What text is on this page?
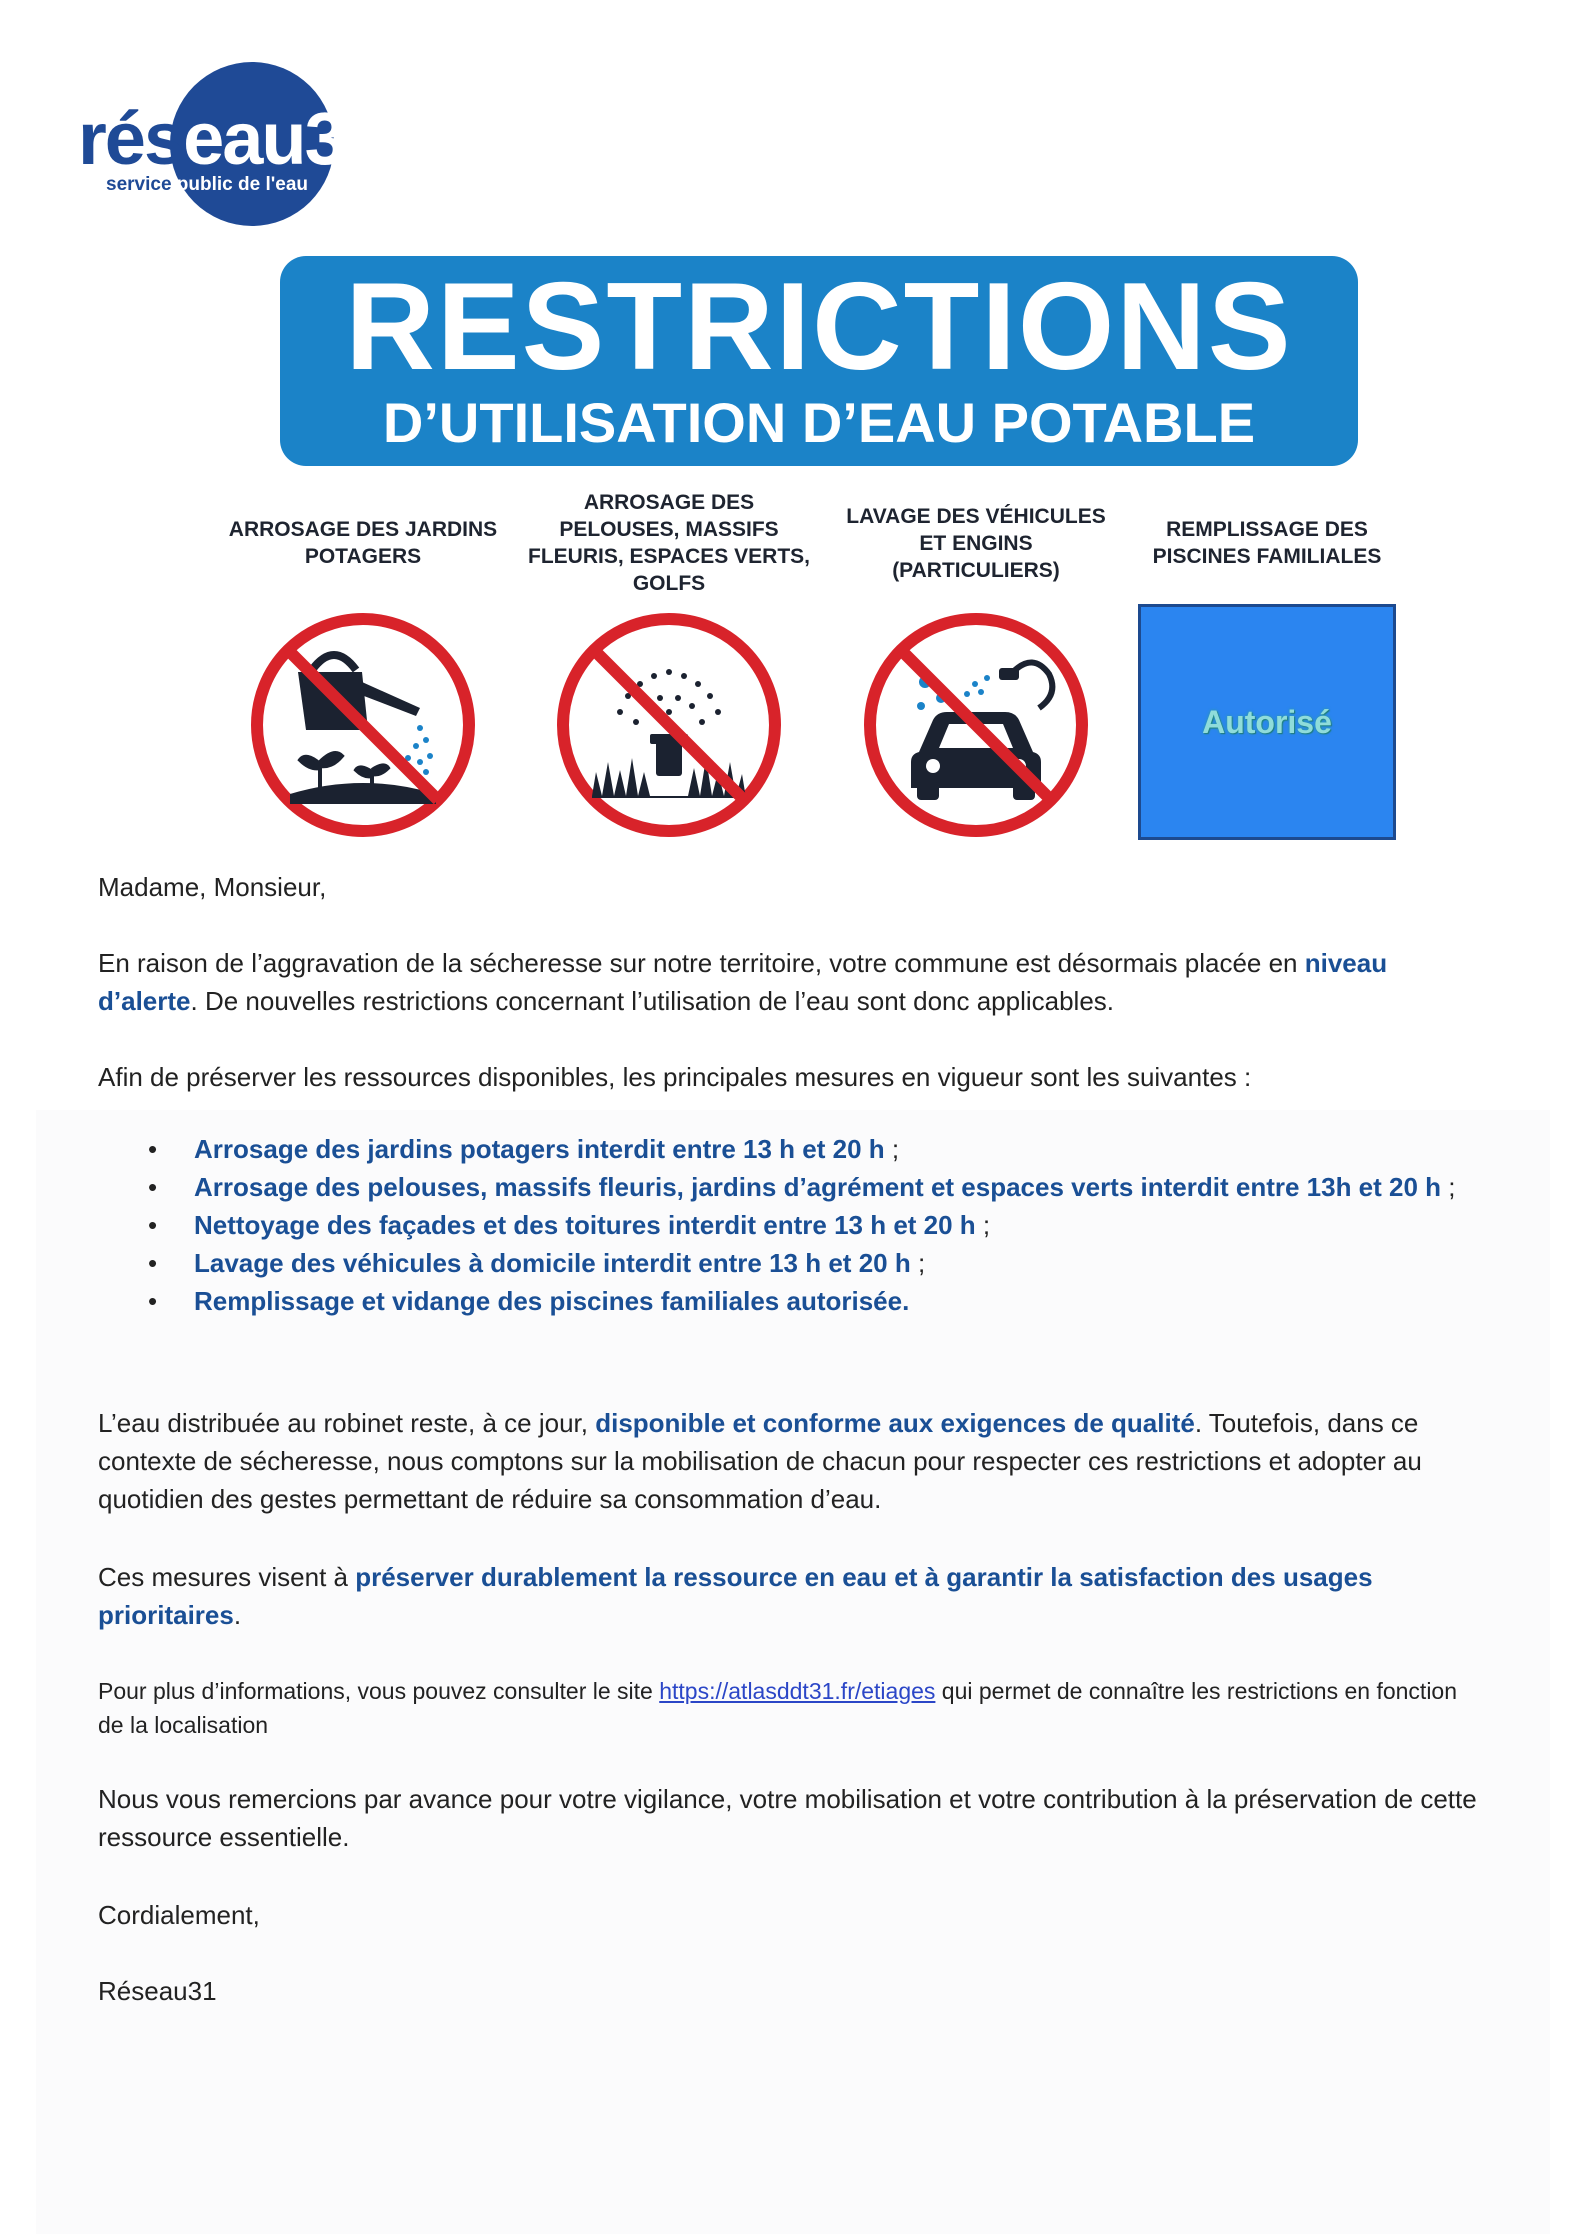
réseau31
service public de l'eau
RESTRICTIONS
D’UTILISATION D’EAU POTABLE
ARROSAGE DES JARDINS POTAGERS
ARROSAGE DES PELOUSES, MASSIFS FLEURIS, ESPACES VERTS, GOLFS
LAVAGE DES VÉHICULES ET ENGINS (PARTICULIERS)
REMPLISSAGE DES PISCINES FAMILIALES
Autorisé
Madame, Monsieur,
En raison de l’aggravation de la sécheresse sur notre territoire, votre commune est désormais placée en niveau d’alerte. De nouvelles restrictions concernant l’utilisation de l’eau sont donc applicables.
Afin de préserver les ressources disponibles, les principales mesures en vigueur sont les suivantes :
• Arrosage des jardins potagers interdit entre 13 h et 20 h ;
• Arrosage des pelouses, massifs fleuris, jardins d’agrément et espaces verts interdit entre 13h et 20 h ;
• Nettoyage des façades et des toitures interdit entre 13 h et 20 h ;
• Lavage des véhicules à domicile interdit entre 13 h et 20 h ;
• Remplissage et vidange des piscines familiales autorisée.
L’eau distribuée au robinet reste, à ce jour, disponible et conforme aux exigences de qualité. Toutefois, dans ce contexte de sécheresse, nous comptons sur la mobilisation de chacun pour respecter ces restrictions et adopter au quotidien des gestes permettant de réduire sa consommation d’eau.
Ces mesures visent à préserver durablement la ressource en eau et à garantir la satisfaction des usages prioritaires.
Pour plus d’informations, vous pouvez consulter le site https://atlasddt31.fr/etiages qui permet de connaître les restrictions en fonction de la localisation
Nous vous remercions par avance pour votre vigilance, votre mobilisation et votre contribution à la préservation de cette ressource essentielle.
Cordialement,
Réseau31
